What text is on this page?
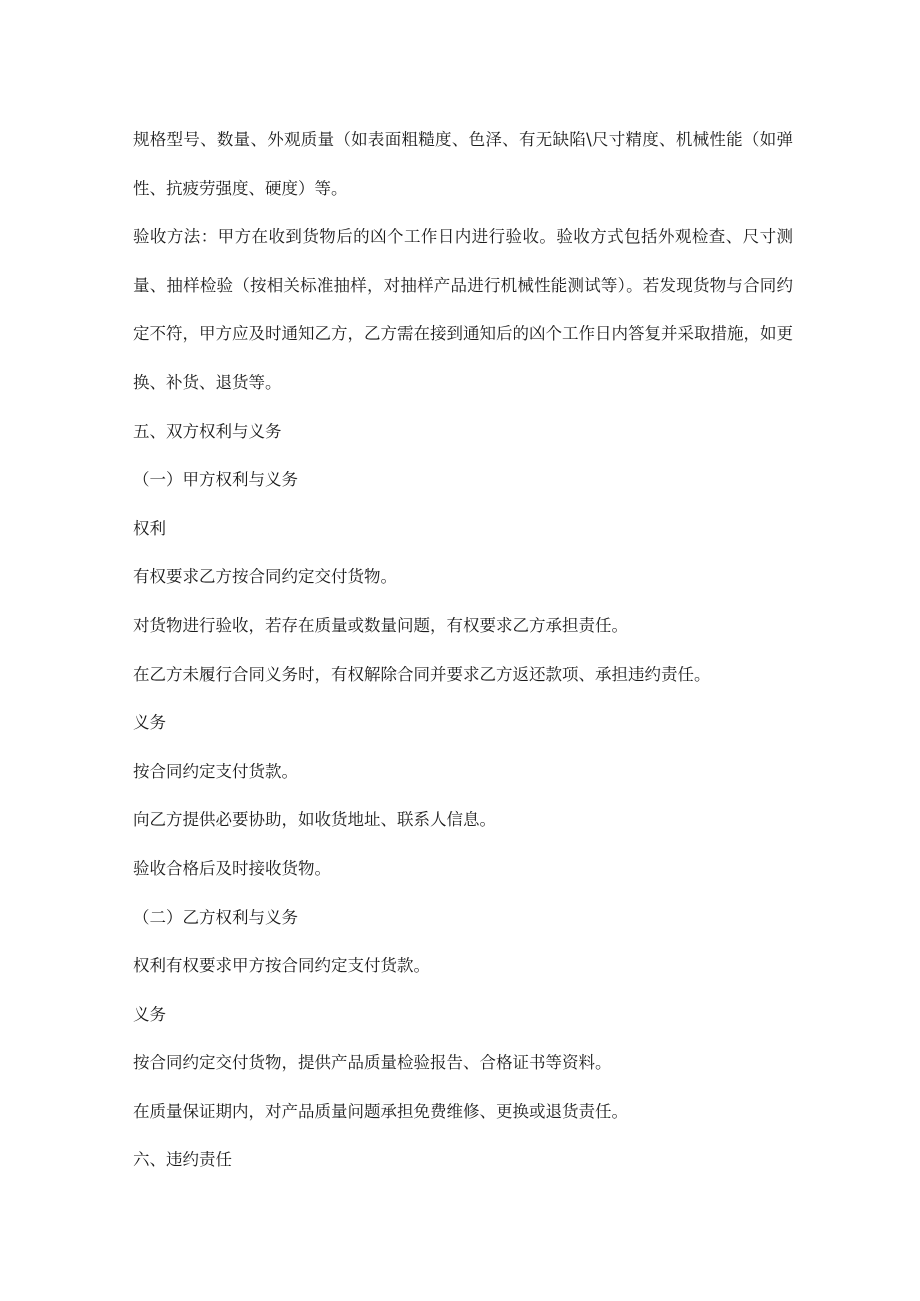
规格型号、数量、外观质量（如表面粗糙度、色泽、有无缺陷\尺寸精度、机械性能（如弹性、抗疲劳强度、硬度）等。

验收方法：甲方在收到货物后的凶个工作日内进行验收。验收方式包括外观检查、尺寸测量、抽样检验（按相关标准抽样，对抽样产品进行机械性能测试等）。若发现货物与合同约定不符，甲方应及时通知乙方，乙方需在接到通知后的凶个工作日内答复并采取措施，如更换、补货、退货等。

五、双方权利与义务

（一）甲方权利与义务

权利

有权要求乙方按合同约定交付货物。

对货物进行验收，若存在质量或数量问题，有权要求乙方承担责任。

在乙方未履行合同义务时，有权解除合同并要求乙方返还款项、承担违约责任。

义务

按合同约定支付货款。

向乙方提供必要协助，如收货地址、联系人信息。

验收合格后及时接收货物。

（二）乙方权利与义务

权利有权要求甲方按合同约定支付货款。

义务

按合同约定交付货物，提供产品质量检验报告、合格证书等资料。

在质量保证期内，对产品质量问题承担免费维修、更换或退货责任。

六、违约责任
